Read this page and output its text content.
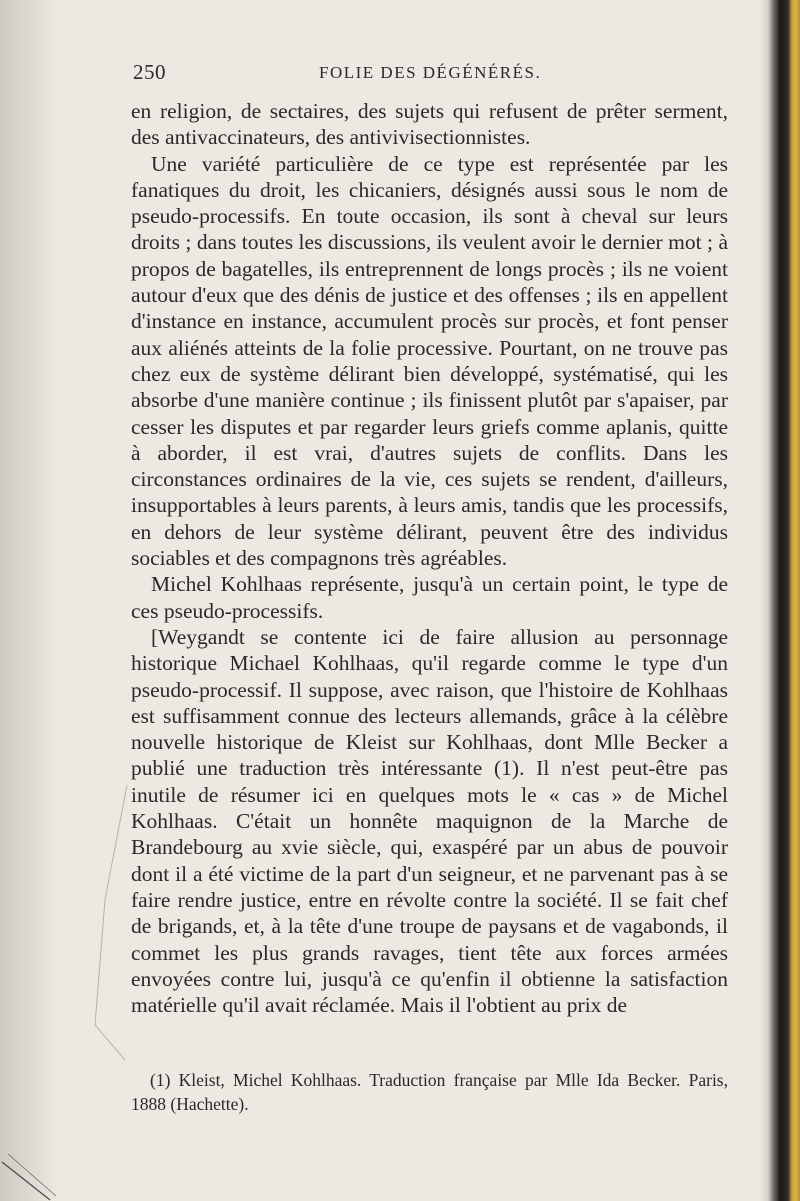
250	FOLIE DES DÉGÉNÉRÉS.

en religion, de sectaires, des sujets qui refusent de prêter serment, des antivaccinateurs, des antivivisectionnistes.

Une variété particulière de ce type est représentée par les fanatiques du droit, les chicaniers, désignés aussi sous le nom de pseudo-processifs. En toute occasion, ils sont à cheval sur leurs droits ; dans toutes les discussions, ils veulent avoir le dernier mot ; à propos de bagatelles, ils entreprennent de longs procès ; ils ne voient autour d'eux que des dénis de justice et des offenses ; ils en appellent d'instance en instance, accumulent procès sur procès, et font penser aux aliénés atteints de la folie processive. Pourtant, on ne trouve pas chez eux de système délirant bien développé, systématisé, qui les absorbe d'une manière continue ; ils finissent plutôt par s'apaiser, par cesser les disputes et par regarder leurs griefs comme aplanis, quitte à aborder, il est vrai, d'autres sujets de conflits. Dans les circonstances ordinaires de la vie, ces sujets se rendent, d'ailleurs, insupportables à leurs parents, à leurs amis, tandis que les processifs, en dehors de leur système délirant, peuvent être des individus sociables et des compagnons très agréables.

Michel Kohlhaas représente, jusqu'à un certain point, le type de ces pseudo-processifs.

[Weygandt se contente ici de faire allusion au personnage historique Michael Kohlhaas, qu'il regarde comme le type d'un pseudo-processif. Il suppose, avec raison, que l'histoire de Kohlhaas est suffisamment connue des lecteurs allemands, grâce à la célèbre nouvelle historique de Kleist sur Kohlhaas, dont Mlle Becker a publié une traduction très intéressante (1). Il n'est peut-être pas inutile de résumer ici en quelques mots le « cas » de Michel Kohlhaas. C'était un honnête maquignon de la Marche de Brandebourg au xvie siècle, qui, exaspéré par un abus de pouvoir dont il a été victime de la part d'un seigneur, et ne parvenant pas à se faire rendre justice, entre en révolte contre la société. Il se fait chef de brigands, et, à la tête d'une troupe de paysans et de vagabonds, il commet les plus grands ravages, tient tête aux forces armées envoyées contre lui, jusqu'à ce qu'enfin il obtienne la satisfaction matérielle qu'il avait réclamée. Mais il l'obtient au prix de

(1) Kleist, Michel Kohlhaas. Traduction française par Mlle Ida Becker. Paris, 1888 (Hachette).
